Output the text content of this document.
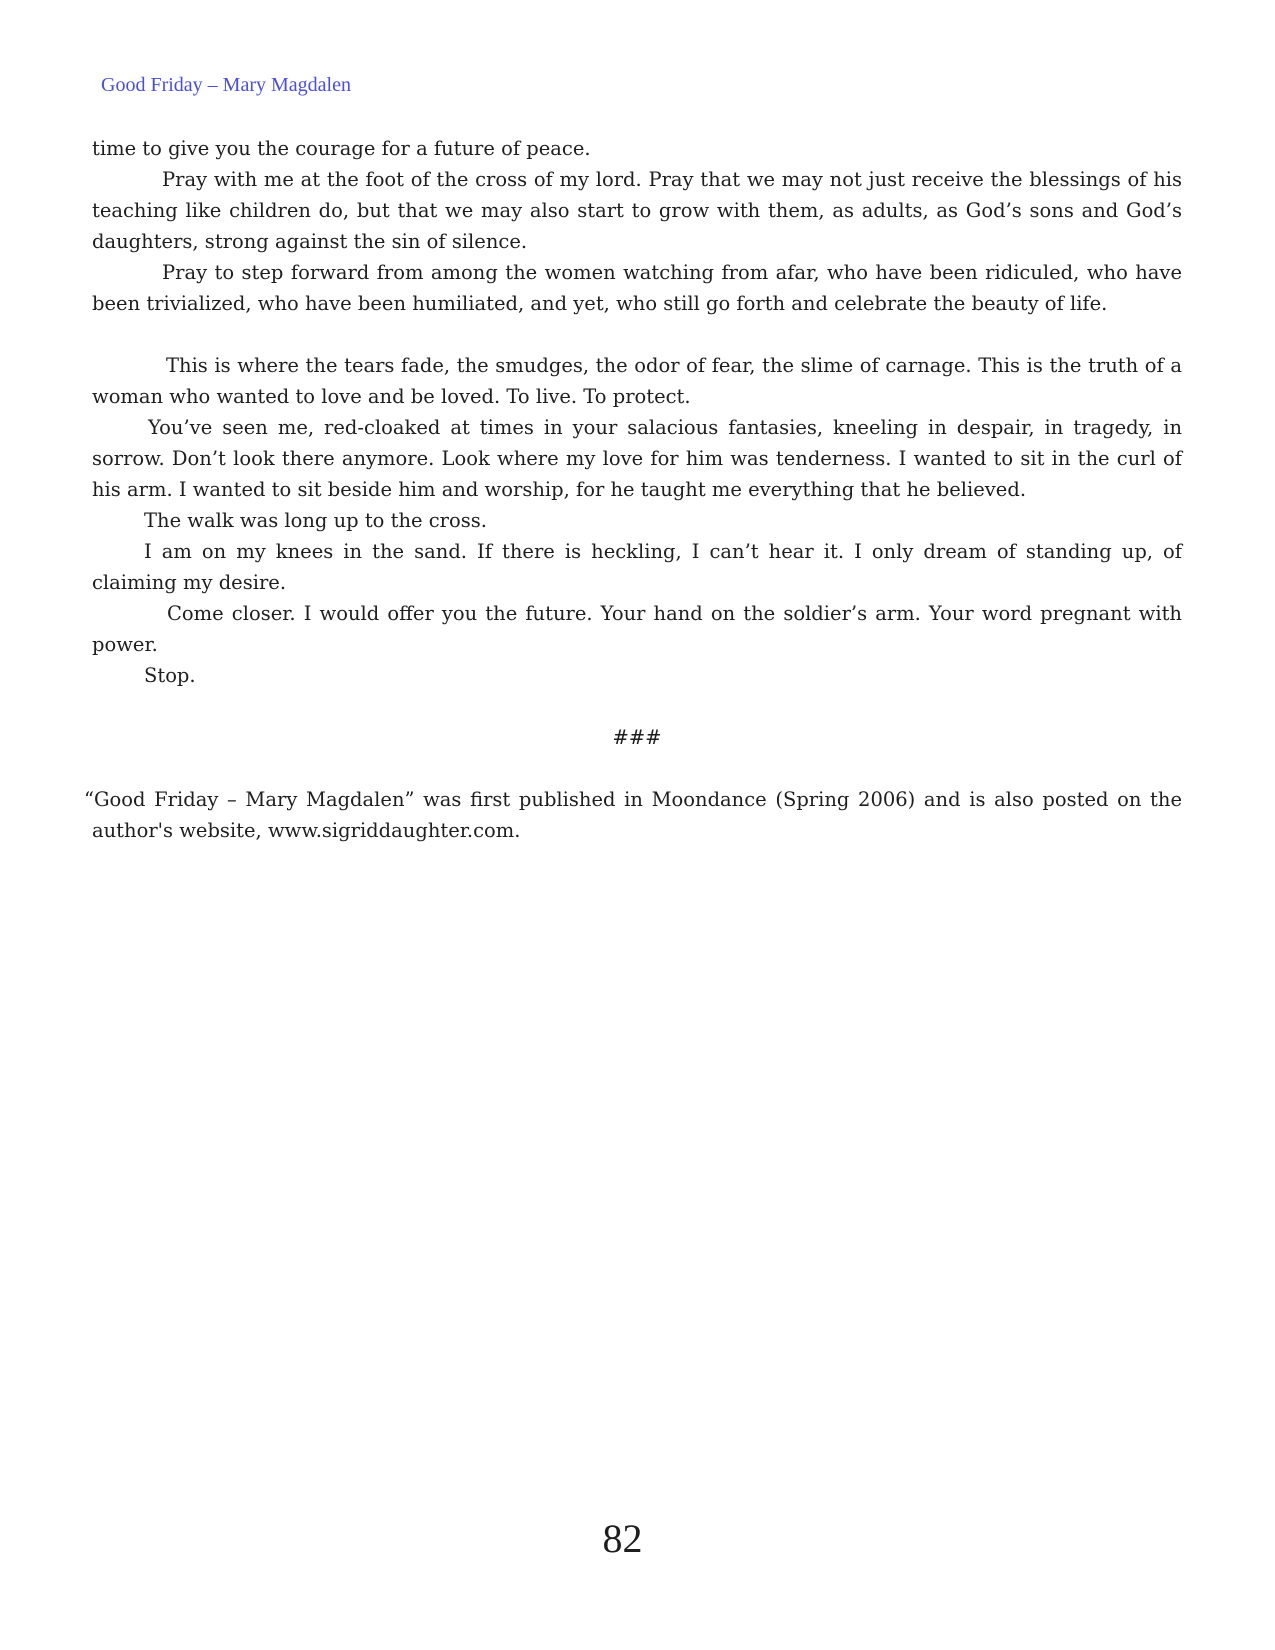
Good Friday – Mary Magdalen

time to give you the courage for a future of peace.

Pray with me at the foot of the cross of my lord. Pray that we may not just receive the blessings of his teaching like children do, but that we may also start to grow with them, as adults, as God’s sons and God’s daughters, strong against the sin of silence.

Pray to step forward from among the women watching from afar, who have been ridiculed, who have been trivialized, who have been humiliated, and yet, who still go forth and celebrate the beauty of life.

This is where the tears fade, the smudges, the odor of fear, the slime of carnage. This is the truth of a woman who wanted to love and be loved. To live. To protect.

You’ve seen me, red-cloaked at times in your salacious fantasies, kneeling in despair, in tragedy, in sorrow. Don’t look there anymore. Look where my love for him was tenderness. I wanted to sit in the curl of his arm. I wanted to sit beside him and worship, for he taught me everything that he believed.

The walk was long up to the cross.

I am on my knees in the sand. If there is heckling, I can’t hear it. I only dream of standing up, of claiming my desire.

Come closer. I would offer you the future. Your hand on the soldier’s arm. Your word pregnant with power.

Stop.

###

“Good Friday – Mary Magdalen” was first published in Moondance (Spring 2006) and is also posted on the author's website, www.sigriddaughter.com.

82
